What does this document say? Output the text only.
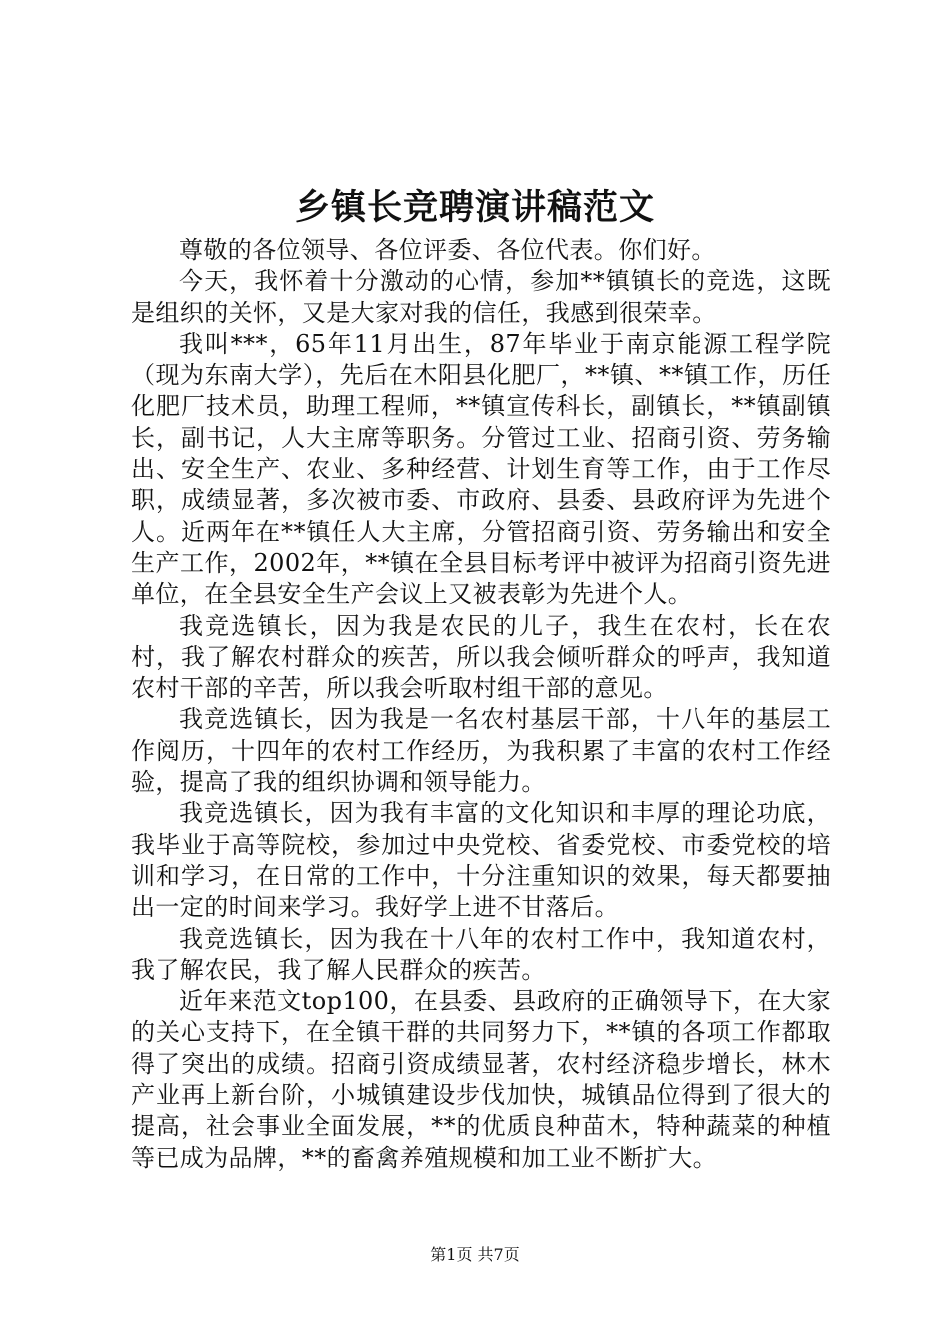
乡镇长竞聘演讲稿范文

尊敬的各位领导、各位评委、各位代表。你们好。

今天，我怀着十分激动的心情，参加**镇镇长的竞选，这既是组织的关怀，又是大家对我的信任，我感到很荣幸。

我叫***，65年11月出生，87年毕业于南京能源工程学院（现为东南大学），先后在木阳县化肥厂，**镇、**镇工作，历任化肥厂技术员，助理工程师，**镇宣传科长，副镇长，**镇副镇长，副书记，人大主席等职务。分管过工业、招商引资、劳务输出、安全生产、农业、多种经营、计划生育等工作，由于工作尽职，成绩显著，多次被市委、市政府、县委、县政府评为先进个人。近两年在**镇任人大主席，分管招商引资、劳务输出和安全生产工作，2002年，**镇在全县目标考评中被评为招商引资先进单位，在全县安全生产会议上又被表彰为先进个人。

我竞选镇长，因为我是农民的儿子，我生在农村，长在农村，我了解农村群众的疾苦，所以我会倾听群众的呼声，我知道农村干部的辛苦，所以我会听取村组干部的意见。

我竞选镇长，因为我是一名农村基层干部，十八年的基层工作阅历，十四年的农村工作经历，为我积累了丰富的农村工作经验，提高了我的组织协调和领导能力。

我竞选镇长，因为我有丰富的文化知识和丰厚的理论功底，我毕业于高等院校，参加过中央党校、省委党校、市委党校的培训和学习，在日常的工作中，十分注重知识的效果，每天都要抽出一定的时间来学习。我好学上进不甘落后。

我竞选镇长，因为我在十八年的农村工作中，我知道农村，我了解农民，我了解人民群众的疾苦。

近年来范文top100，在县委、县政府的正确领导下，在大家的关心支持下，在全镇干群的共同努力下，**镇的各项工作都取得了突出的成绩。招商引资成绩显著，农村经济稳步增长，林木产业再上新台阶，小城镇建设步伐加快，城镇品位得到了很大的提高，社会事业全面发展，**的优质良种苗木，特种蔬菜的种植等已成为品牌，**的畜禽养殖规模和加工业不断扩大。

第1页 共7页
